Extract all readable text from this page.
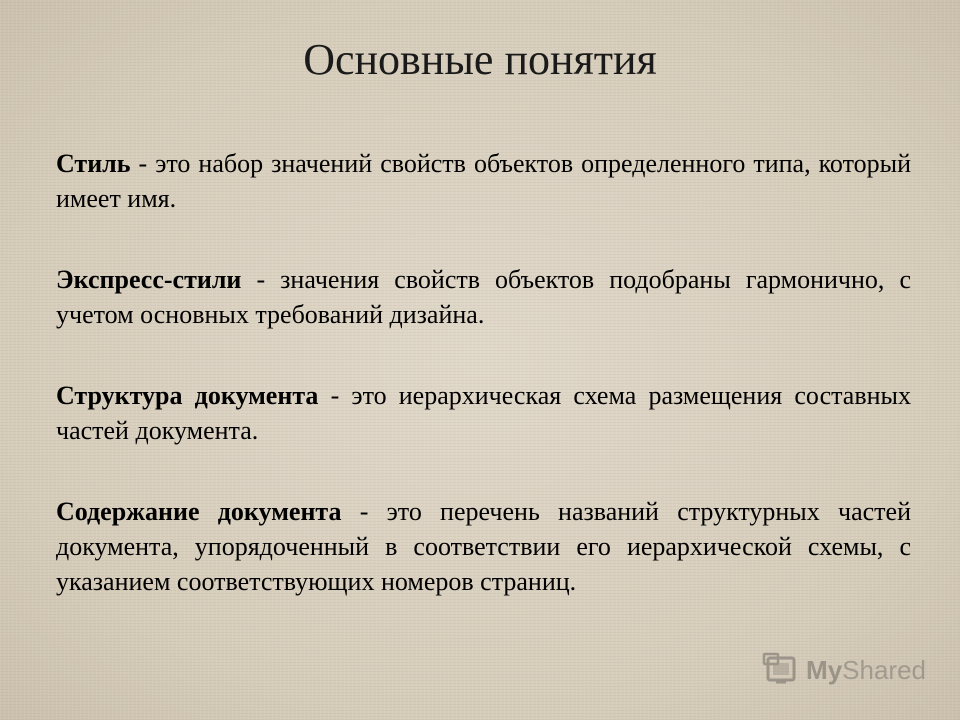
Основные понятия

Стиль - это набор значений свойств объектов определенного типа, который имеет имя.

Экспресс-стили - значения свойств объектов подобраны гармонично, с учетом основных требований дизайна.

Структура документа - это иерархическая схема размещения составных частей документа.

Содержание документа - это перечень названий структурных частей документа, упорядоченный в соответствии его иерархической схемы, с указанием соответствующих номеров страниц.

My Shared
